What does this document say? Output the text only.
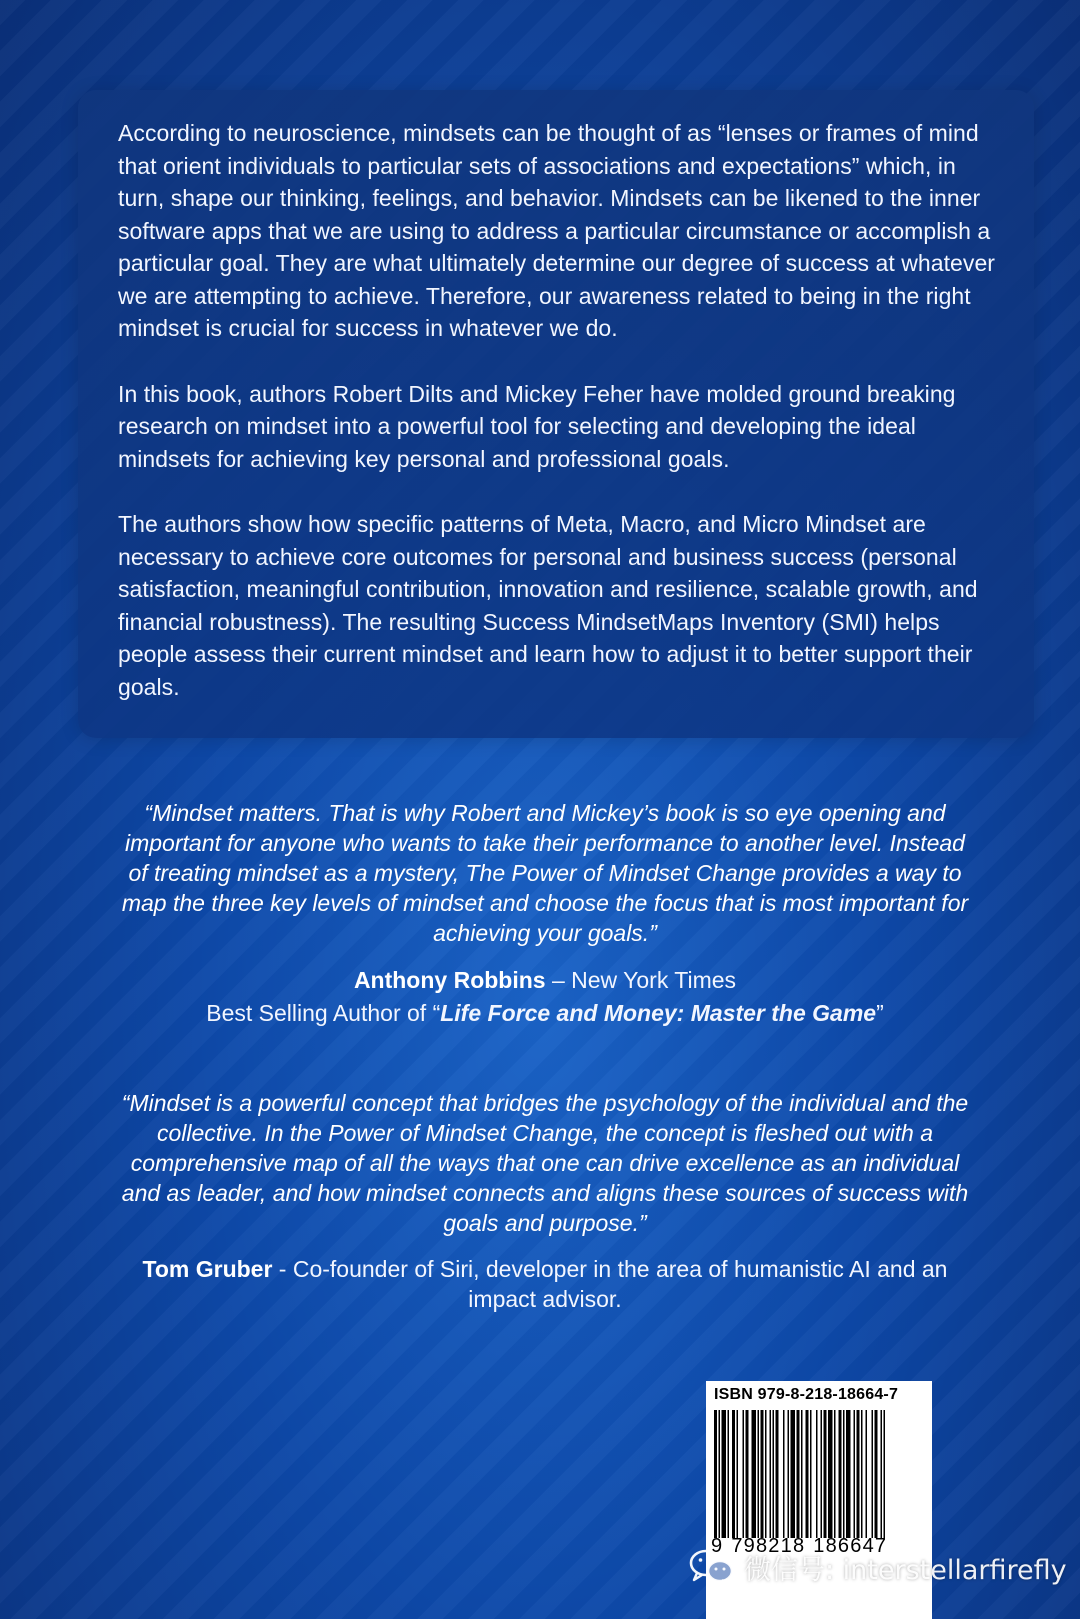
According to neuroscience, mindsets can be thought of as “lenses or frames of mind that orient individuals to particular sets of associations and expectations” which, in turn, shape our thinking, feelings, and behavior. Mindsets can be likened to the inner software apps that we are using to address a particular circumstance or accomplish a particular goal. They are what ultimately determine our degree of success at whatever we are attempting to achieve. Therefore, our awareness related to being in the right mindset is crucial for success in whatever we do.

In this book, authors Robert Dilts and Mickey Feher have molded ground breaking research on mindset into a powerful tool for selecting and developing the ideal mindsets for achieving key personal and professional goals.

The authors show how specific patterns of Meta, Macro, and Micro Mindset are necessary to achieve core outcomes for personal and business success (personal satisfaction, meaningful contribution, innovation and resilience, scalable growth, and financial robustness). The resulting Success MindsetMaps Inventory (SMI) helps people assess their current mindset and learn how to adjust it to better support their goals.

“Mindset matters. That is why Robert and Mickey’s book is so eye opening and important for anyone who wants to take their performance to another level. Instead of treating mindset as a mystery, The Power of Mindset Change provides a way to map the three key levels of mindset and choose the focus that is most important for achieving your goals.”

Anthony Robbins – New York Times
Best Selling Author of “Life Force and Money: Master the Game”

“Mindset is a powerful concept that bridges the psychology of the individual and the collective. In the Power of Mindset Change, the concept is fleshed out with a comprehensive map of all the ways that one can drive excellence as an individual and as leader, and how mindset connects and aligns these sources of success with goals and purpose.”

Tom Gruber - Co-founder of Siri, developer in the area of humanistic AI and an impact advisor.
ISBN 979-8-218-18664-7
9 798218 186647
微信号: interstellarfirefly
